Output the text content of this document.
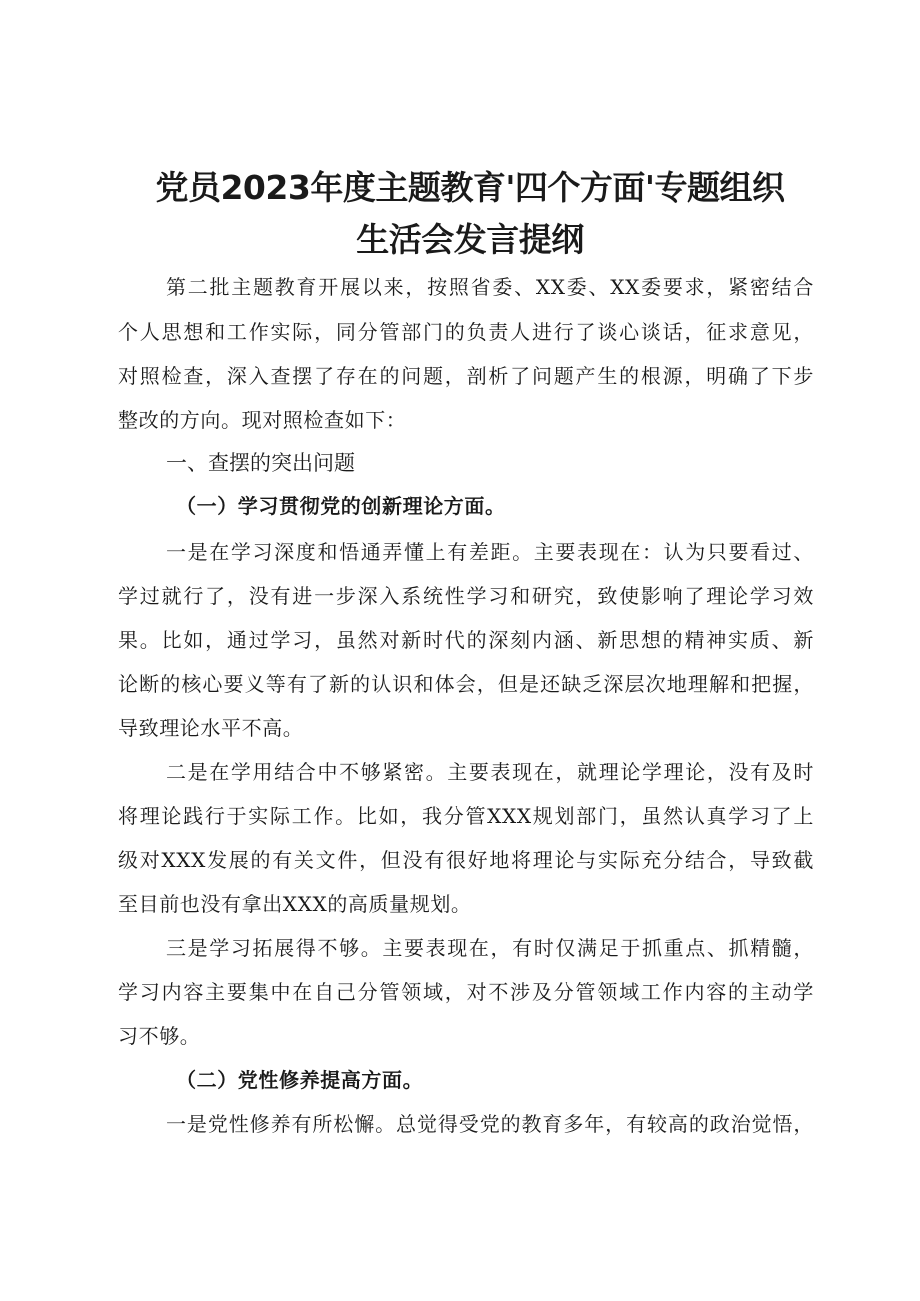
党员2023年度主题教育'四个方面'专题组织
生活会发言提纲
第二批主题教育开展以来，按照省委、XX委、XX委要求，紧密结合
个人思想和工作实际，同分管部门的负责人进行了谈心谈话，征求意见，
对照检查，深入查摆了存在的问题，剖析了问题产生的根源，明确了下步
整改的方向。现对照检查如下：
一、查摆的突出问题
（一）学习贯彻党的创新理论方面。
一是在学习深度和悟通弄懂上有差距。主要表现在：认为只要看过、
学过就行了，没有进一步深入系统性学习和研究，致使影响了理论学习效
果。比如，通过学习，虽然对新时代的深刻内涵、新思想的精神实质、新
论断的核心要义等有了新的认识和体会，但是还缺乏深层次地理解和把握，
导致理论水平不高。
二是在学用结合中不够紧密。主要表现在，就理论学理论，没有及时
将理论践行于实际工作。比如，我分管XXX规划部门，虽然认真学习了上
级对XXX发展的有关文件，但没有很好地将理论与实际充分结合，导致截
至目前也没有拿出XXX的高质量规划。
三是学习拓展得不够。主要表现在，有时仅满足于抓重点、抓精髓，
学习内容主要集中在自己分管领域，对不涉及分管领域工作内容的主动学
习不够。
（二）党性修养提高方面。
一是党性修养有所松懈。总觉得受党的教育多年，有较高的政治觉悟，
